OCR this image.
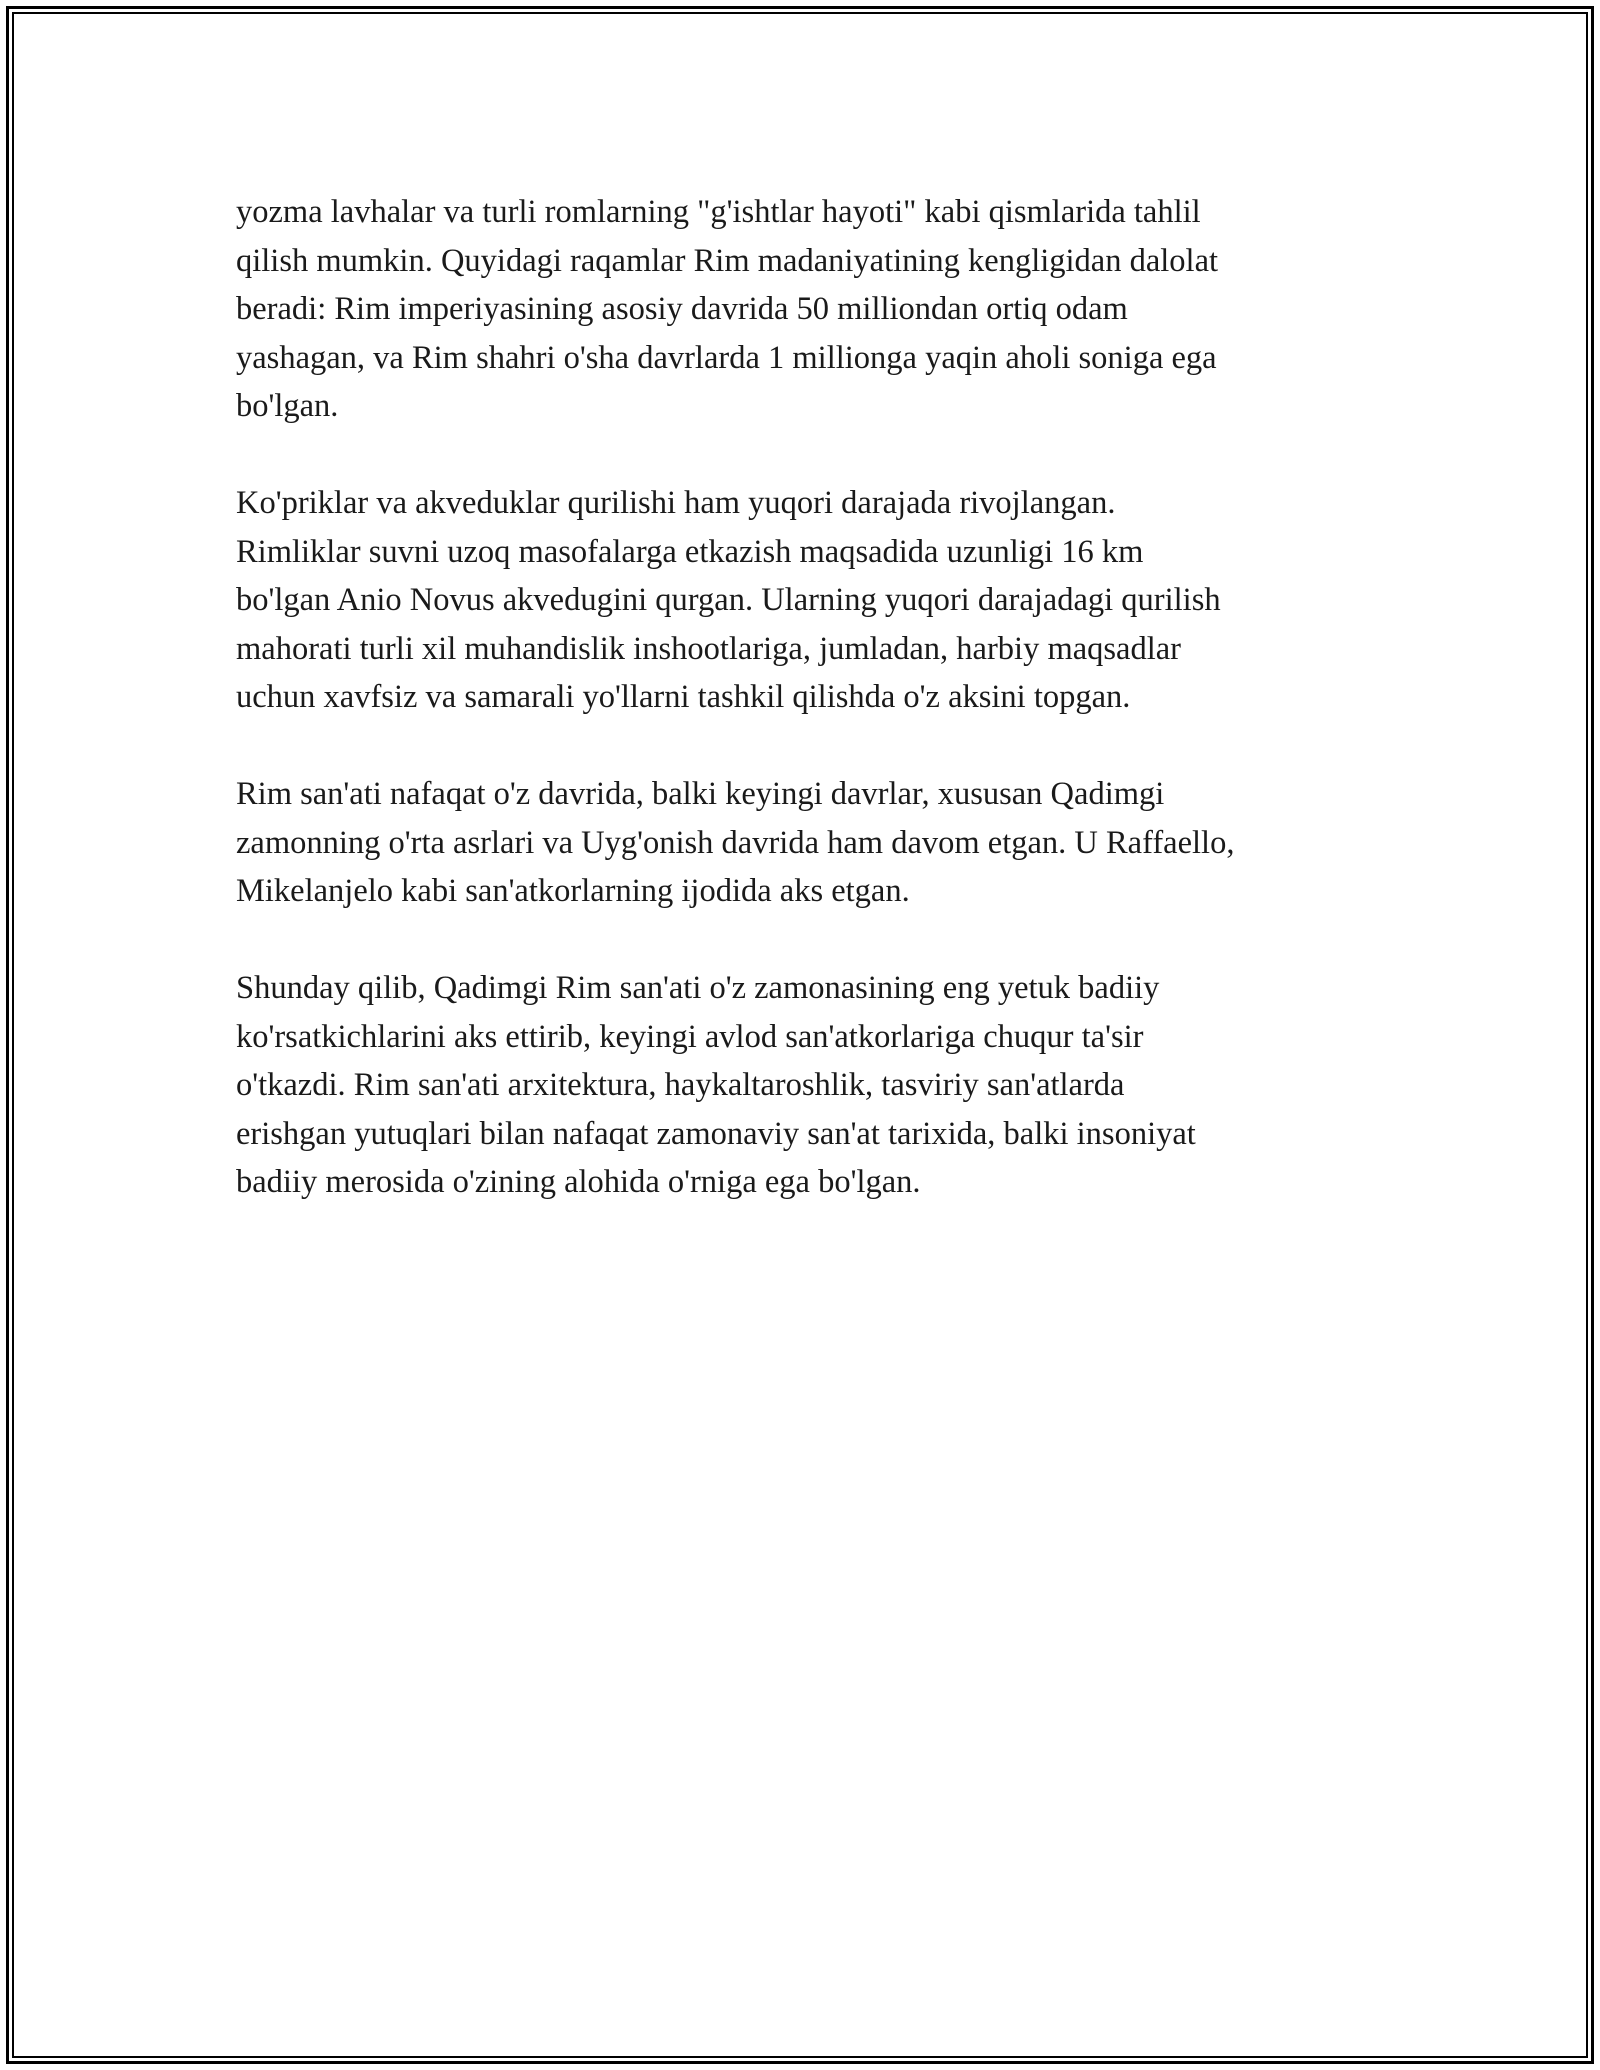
yozma lavhalar va turli romlarning "g'ishtlar hayoti" kabi qismlarida tahlil
qilish mumkin. Quyidagi raqamlar Rim madaniyatining kengligidan dalolat
beradi: Rim imperiyasining asosiy davrida 50 milliondan ortiq odam
yashagan, va Rim shahri o'sha davrlarda 1 millionga yaqin aholi soniga ega
bo'lgan.

Ko'priklar va akveduklar qurilishi ham yuqori darajada rivojlangan.
Rimliklar suvni uzoq masofalarga etkazish maqsadida uzunligi 16 km
bo'lgan Anio Novus akvedugini qurgan. Ularning yuqori darajadagi qurilish
mahorati turli xil muhandislik inshootlariga, jumladan, harbiy maqsadlar
uchun xavfsiz va samarali yo'llarni tashkil qilishda o'z aksini topgan.

Rim san'ati nafaqat o'z davrida, balki keyingi davrlar, xususan Qadimgi
zamonning o'rta asrlari va Uyg'onish davrida ham davom etgan. U Raffaello,
Mikelanjelo kabi san'atkorlarning ijodida aks etgan.

Shunday qilib, Qadimgi Rim san'ati o'z zamonasining eng yetuk badiiy
ko'rsatkichlarini aks ettirib, keyingi avlod san'atkorlariga chuqur ta'sir
o'tkazdi. Rim san'ati arxitektura, haykaltaroshlik, tasviriy san'atlarda
erishgan yutuqlari bilan nafaqat zamonaviy san'at tarixida, balki insoniyat
badiiy merosida o'zining alohida o'rniga ega bo'lgan.
